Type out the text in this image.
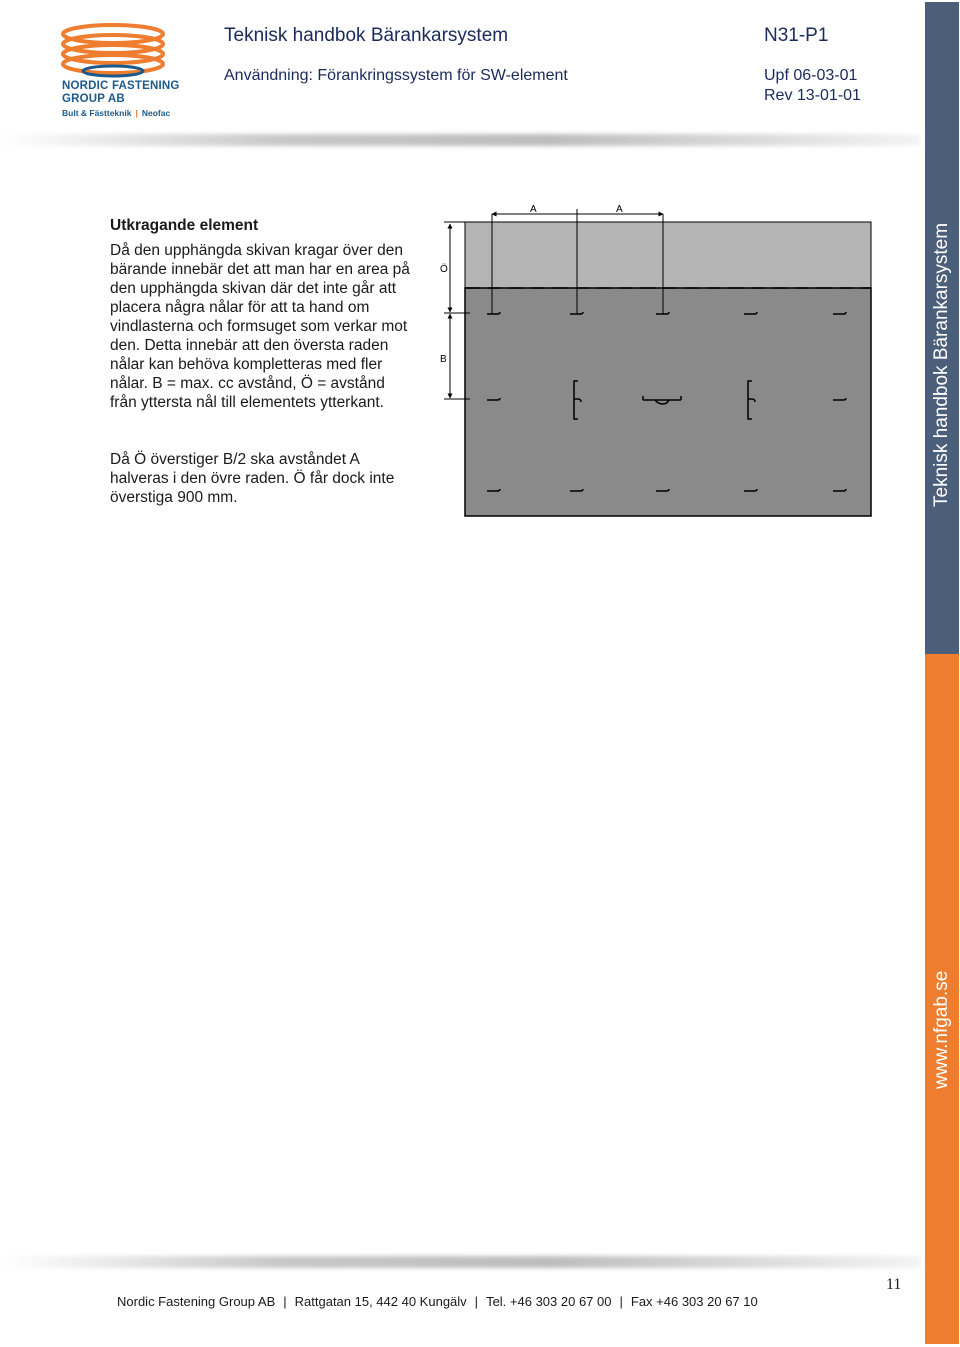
NORDIC FASTENING
GROUP AB
Bult & Fästteknik | Neofac
Teknisk handbok Bärankarsystem	N31-P1
Användning: Förankringssystem för SW-element	Upf 06-03-01
Rev 13-01-01
Teknisk handbok Bärankarsystem
www.nfgab.se
Utkragande element

Då den upphängda skivan kragar över den bärande innebär det att man har en area på den upphängda skivan där det inte går att placera några nålar för att ta hand om vindlasterna och formsuget som verkar mot den. Detta innebär att den översta raden nålar kan behöva kompletteras med fler nålar. B = max. cc avstånd, Ö = avstånd från yttersta nål till elementets ytterkant.

Då Ö överstiger B/2 ska avståndet A halveras i den övre raden. Ö får dock inte överstiga 900 mm.

A	A
Ö
B
11
Nordic Fastening Group AB | Rattgatan 15, 442 40 Kungälv | Tel. +46 303 20 67 00 | Fax +46 303 20 67 10
